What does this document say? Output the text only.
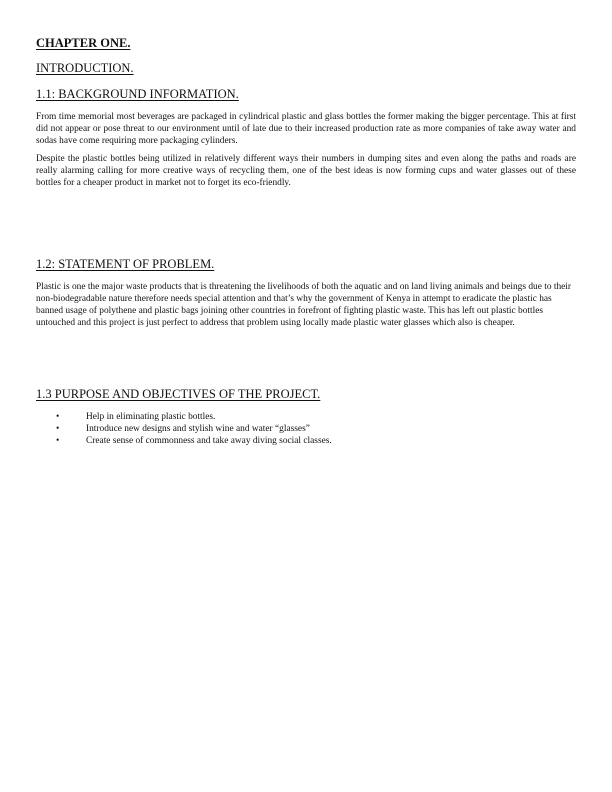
CHAPTER ONE.
INTRODUCTION.
1.1: BACKGROUND INFORMATION.

From time memorial most beverages are packaged in cylindrical plastic and glass bottles the former making the bigger percentage. This at first did not appear or pose threat to our environment until of late due to their increased production rate as more companies of take away water and sodas have come requiring more packaging cylinders.

Despite the plastic bottles being utilized in relatively different ways their numbers in dumping sites and even along the paths and roads are really alarming calling for more creative ways of recycling them, one of the best ideas is now forming cups and water glasses out of these bottles for a cheaper product in market not to forget its eco-friendly.

1.2: STATEMENT OF PROBLEM.

Plastic is one the major waste products that is threatening the livelihoods of both the aquatic and on land living animals and beings due to their non-biodegradable nature therefore needs special attention and that’s why the government of Kenya in attempt to eradicate the plastic has banned usage of polythene and plastic bags joining other countries in forefront of fighting plastic waste. This has left out plastic bottles untouched and this project is just perfect to address that problem using locally made plastic water glasses which also is cheaper.

1.3 PURPOSE AND OBJECTIVES OF THE PROJECT.
• Help in eliminating plastic bottles.
• Introduce new designs and stylish wine and water “glasses”
• Create sense of commonness and take away diving social classes.
